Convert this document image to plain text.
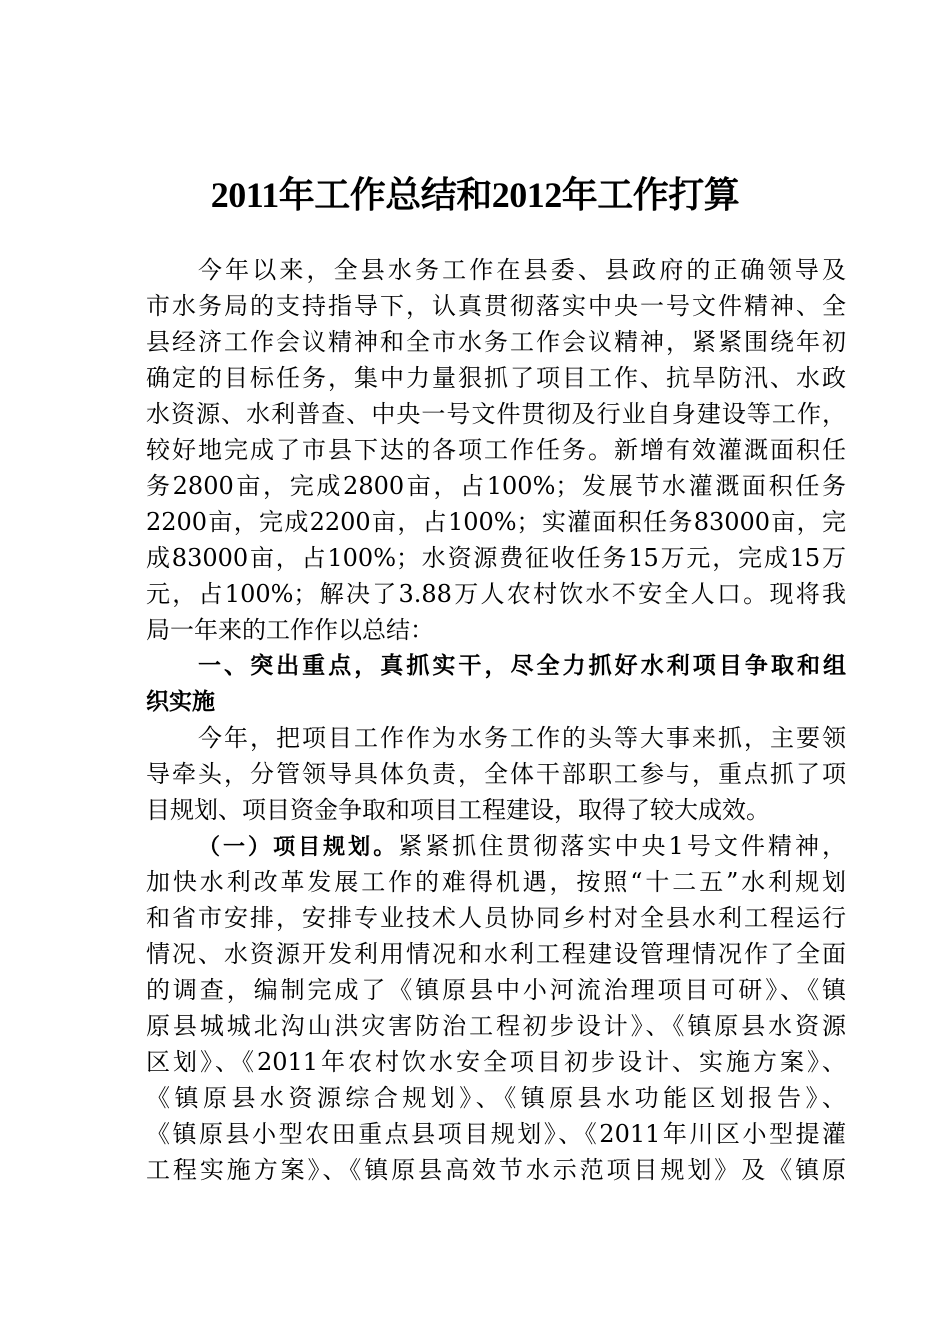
2011年工作总结和2012年工作打算
今年以来，全县水务工作在县委、县政府的正确领导及
市水务局的支持指导下，认真贯彻落实中央一号文件精神、全
县经济工作会议精神和全市水务工作会议精神，紧紧围绕年初
确定的目标任务，集中力量狠抓了项目工作、抗旱防汛、水政
水资源、水利普查、中央一号文件贯彻及行业自身建设等工作，
较好地完成了市县下达的各项工作任务。新增有效灌溉面积任
务2800亩，完成2800亩，占100%；发展节水灌溉面积任务
2200亩，完成2200亩，占100%；实灌面积任务83000亩，完
成83000亩，占100%；水资源费征收任务15万元，完成15万
元，占100%；解决了3.88万人农村饮水不安全人口。现将我
局一年来的工作作以总结：
一、突出重点，真抓实干，尽全力抓好水利项目争取和组
织实施
今年，把项目工作作为水务工作的头等大事来抓，主要领
导牵头，分管领导具体负责，全体干部职工参与，重点抓了项
目规划、项目资金争取和项目工程建设，取得了较大成效。
（一）项目规划。紧紧抓住贯彻落实中央1号文件精神，
加快水利改革发展工作的难得机遇，按照“十二五”水利规划
和省市安排，安排专业技术人员协同乡村对全县水利工程运行
情况、水资源开发利用情况和水利工程建设管理情况作了全面
的调查，编制完成了《镇原县中小河流治理项目可研》、《镇
原县城城北沟山洪灾害防治工程初步设计》、《镇原县水资源
区划》、《2011年农村饮水安全项目初步设计、实施方案》、
《镇原县水资源综合规划》、《镇原县水功能区划报告》、
《镇原县小型农田重点县项目规划》、《2011年川区小型提灌
工程实施方案》、《镇原县高效节水示范项目规划》及《镇原
